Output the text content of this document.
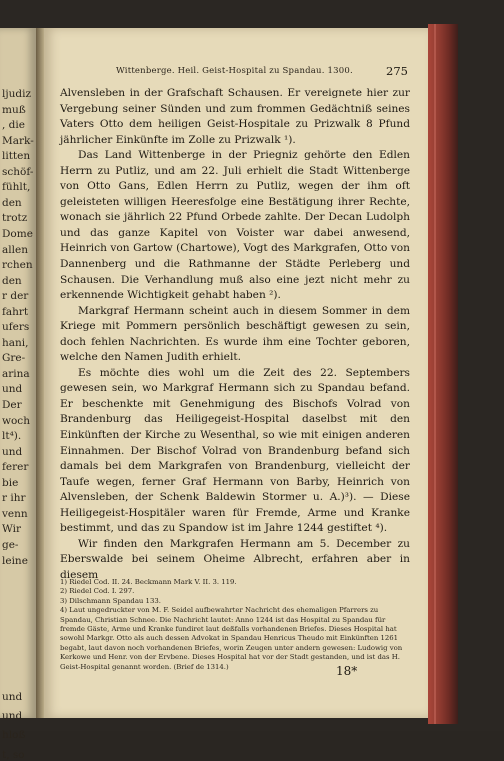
ljudiz
muß
, die
Mark-
litten
schöf-
fühlt,
den
trotz
Dome
allen
rchen
den
r der
fahrt
ufers
hani,
Gre-
arina
und
Der
woch
lt⁴).
und
ferer
bie
r ihr
venn
Wir
ge-
leine
und
und
hloß
t, so
Wittenberge. Heil. Geist-Hospital zu Spandau. 1300.	275

Alvensleben in der Grafschaft Schausen. Er vereignete hier zur Vergebung seiner Sünden und zum frommen Gedächtniß seines Vaters Otto dem heiligen Geist-Hospitale zu Prizwalk 8 Pfund jährlicher Einkünfte im Zolle zu Prizwalk ¹).

Das Land Wittenberge in der Priegniz gehörte den Edlen Herrn zu Putliz, und am 22. Juli erhielt die Stadt Wittenberge von Otto Gans, Edlen Herrn zu Putliz, wegen der ihm oft geleisteten willigen Heeresfolge eine Bestätigung ihrer Rechte, wonach sie jährlich 22 Pfund Orbede zahlte. Der Decan Ludolph und das ganze Kapitel von Voister war dabei anwesend, Heinrich von Gartow (Chartowe), Vogt des Markgrafen, Otto von Dannenberg und die Rathmanne der Städte Perleberg und Schausen. Die Verhandlung muß also eine jezt nicht mehr zu erkennende Wichtigkeit gehabt haben ²).

Markgraf Hermann scheint auch in diesem Sommer in dem Kriege mit Pommern persönlich beschäftigt gewesen zu sein, doch fehlen Nachrichten. Es wurde ihm eine Tochter geboren, welche den Namen Judith erhielt.

Es möchte dies wohl um die Zeit des 22. Septembers gewesen sein, wo Markgraf Hermann sich zu Spandau befand. Er beschenkte mit Genehmigung des Bischofs Volrad von Brandenburg das Heiligegeist-Hospital daselbst mit den Einkünften der Kirche zu Wesenthal, so wie mit einigen anderen Einnahmen. Der Bischof Volrad von Brandenburg befand sich damals bei dem Markgrafen von Brandenburg, vielleicht der Taufe wegen, ferner Graf Hermann von Barby, Heinrich von Alvensleben, der Schenk Baldewin Stormer u. A.)³). — Diese Heiligegeist-Hospitäler waren für Fremde, Arme und Kranke bestimmt, und das zu Spandow ist im Jahre 1244 gestiftet ⁴).

Wir finden den Markgrafen Hermann am 5. December zu Eberswalde bei seinem Oheime Albrecht, erfahren aber in diesem

1) Riedel Cod. II. 24. Beckmann Mark V. II. 3. 119.

2) Riedel Cod. I. 297.

3) Dilschmann Spandau 133.

4) Laut ungedruckter von M. F. Seidel aufbewahrter Nachricht des ehemaligen Pfarrers zu Spandau, Christian Schnee. Die Nachricht lautet: Anno 1244 ist das Hospital zu Spandau für fremde Gäste, Arme und Kranke fundiret laut deßfalls vorhandenen Briefes. Dieses Hospital hat sowohl Markgr. Otto als auch dessen Advokat in Spandau Henricus Theudo mit Einkünften 1261 begabt, laut davon noch vorhandenen Briefes, worin Zeugen unter andern gewesen: Ludowig von Kerkowe und Henr. von der Ervbene. Dieses Hospital hat vor der Stadt gestanden, und ist das H. Geist-Hospital genannt worden. (Brief de 1314.)	18*
